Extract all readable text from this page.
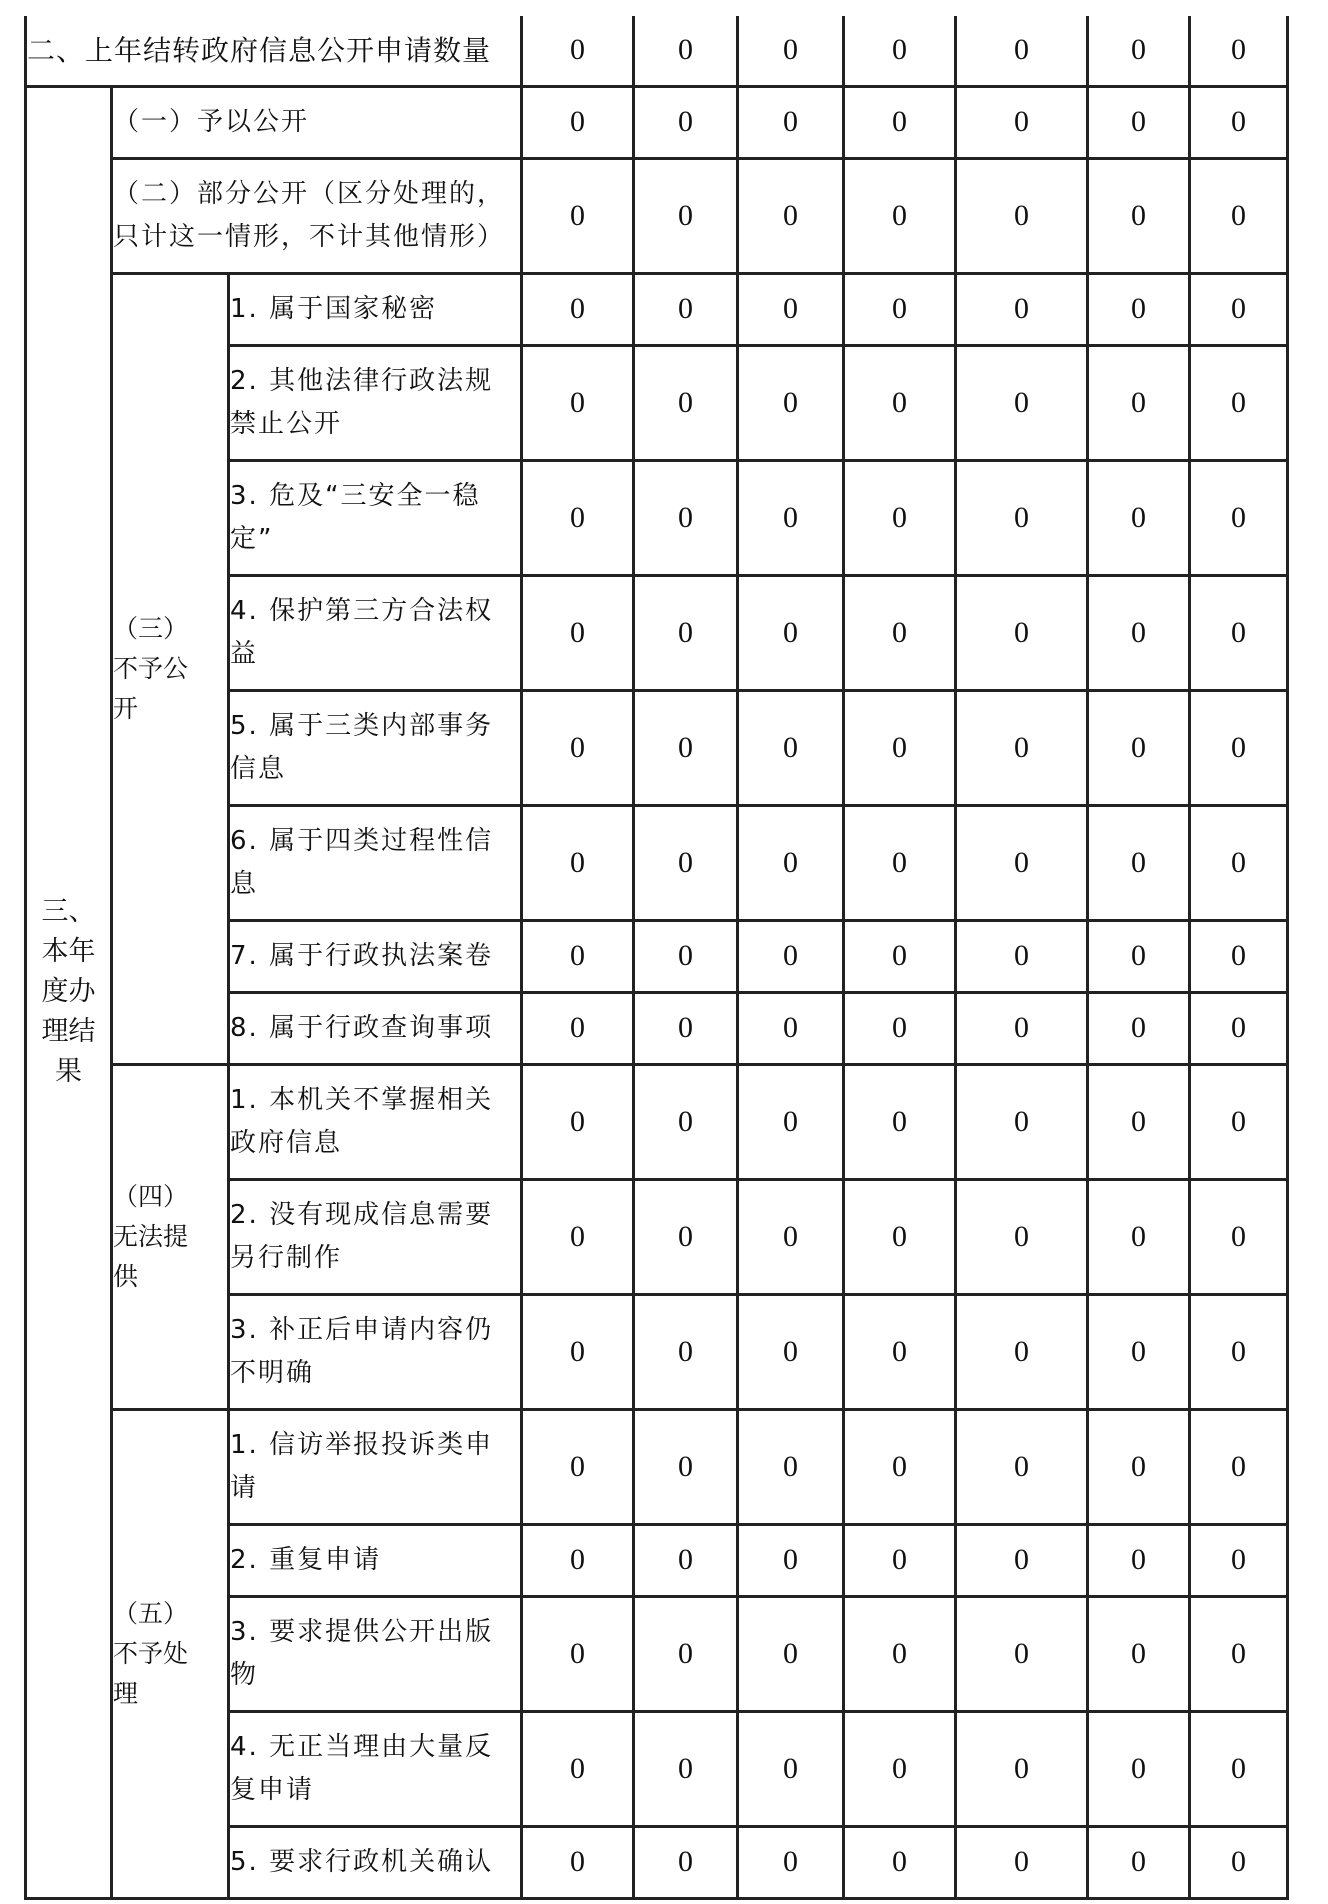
二、上年结转政府信息公开申请数量			0	0	0	0	0	0	0

三、
本年
度办
理结
果	（一）予以公开		0	0	0	0	0	0	0

	（二）部分公开（区分处理的，
只计这一情形，不计其他情形）		0	0	0	0	0	0	0

	（三）
不予公
开	1. 属于国家秘密	0	0	0	0	0	0	0

		2. 其他法律行政法规
禁止公开	0	0	0	0	0	0	0

		3. 危及“三安全一稳
定”	0	0	0	0	0	0	0

		4. 保护第三方合法权
益	0	0	0	0	0	0	0

		5. 属于三类内部事务
信息	0	0	0	0	0	0	0

		6. 属于四类过程性信
息	0	0	0	0	0	0	0

		7. 属于行政执法案卷	0	0	0	0	0	0	0

		8. 属于行政查询事项	0	0	0	0	0	0	0

	（四）
无法提
供	1. 本机关不掌握相关
政府信息	0	0	0	0	0	0	0

		2. 没有现成信息需要
另行制作	0	0	0	0	0	0	0

		3. 补正后申请内容仍
不明确	0	0	0	0	0	0	0

	（五）
不予处
理	1. 信访举报投诉类申
请	0	0	0	0	0	0	0

		2. 重复申请	0	0	0	0	0	0	0

		3. 要求提供公开出版
物	0	0	0	0	0	0	0

		4. 无正当理由大量反
复申请	0	0	0	0	0	0	0

		5. 要求行政机关确认	0	0	0	0	0	0	0
